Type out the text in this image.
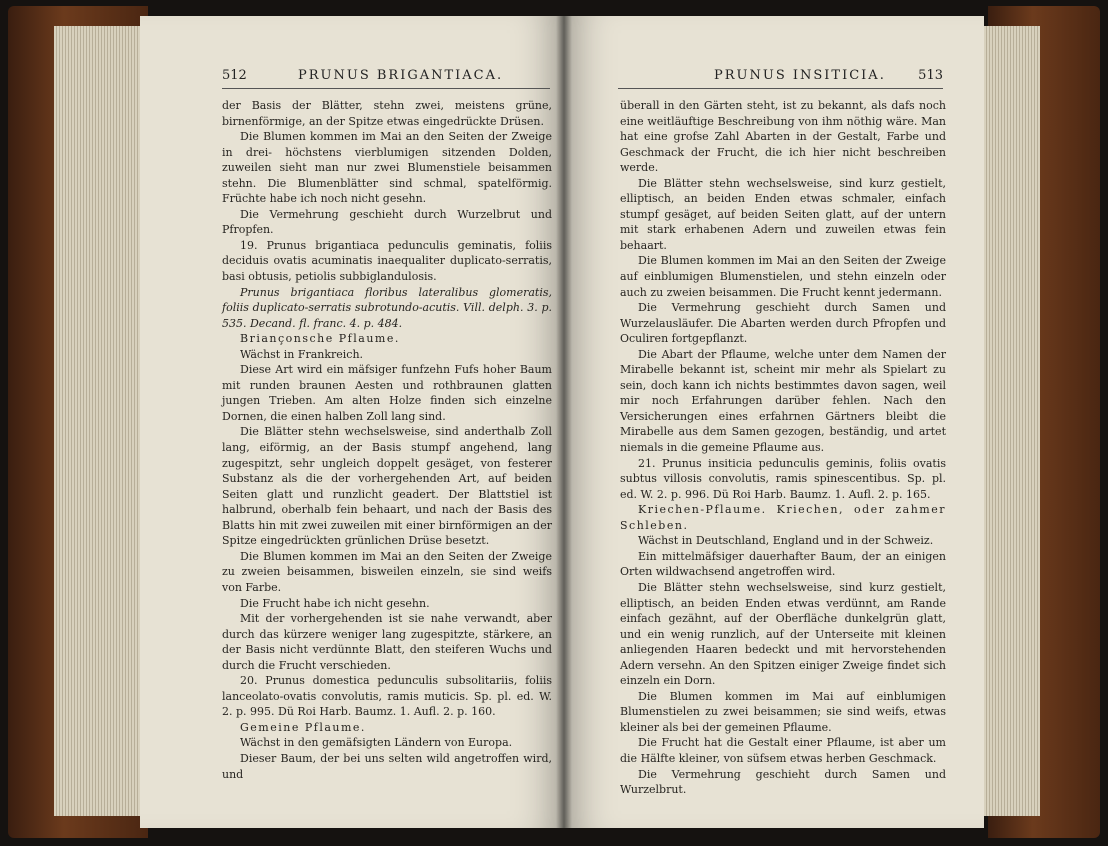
512	PRUNUS BRIGANTIACA.

der Basis der Blätter, stehn zwei, meistens grüne, birnenförmige, an der Spitze etwas eingedrückte Drüsen.

Die Blumen kommen im Mai an den Seiten der Zweige in drei- höchstens vierblumigen sitzenden Dolden, zuweilen sieht man nur zwei Blumenstiele beisammen stehn. Die Blumenblätter sind schmal, spatelförmig. Früchte habe ich noch nicht gesehn.

Die Vermehrung geschieht durch Wurzelbrut und Pfropfen.

19. Prunus brigantiaca pedunculis geminatis, foliis deciduis ovatis acuminatis inaequaliter duplicato-serratis, basi obtusis, petiolis subbiglandulosis.

Prunus brigantiaca floribus lateralibus glomeratis, foliis duplicato-serratis subrotundo-acutis. Vill. delph. 3. p. 535. Decand. fl. franc. 4. p. 484.

Briançonsche Pflaume.

Wächst in Frankreich.

Diese Art wird ein mäfsiger funfzehn Fufs hoher Baum mit runden braunen Aesten und rothbraunen glatten jungen Trieben. Am alten Holze finden sich einzelne Dornen, die einen halben Zoll lang sind.

Die Blätter stehn wechselsweise, sind anderthalb Zoll lang, eiförmig, an der Basis stumpf angehend, lang zugespitzt, sehr ungleich doppelt gesäget, von festerer Substanz als die der vorhergehenden Art, auf beiden Seiten glatt und runzlicht geadert. Der Blattstiel ist halbrund, oberhalb fein behaart, und nach der Basis des Blatts hin mit zwei zuweilen mit einer birnförmigen an der Spitze eingedrückten grünlichen Drüse besetzt.

Die Blumen kommen im Mai an den Seiten der Zweige zu zweien beisammen, bisweilen einzeln, sie sind weifs von Farbe.

Die Frucht habe ich nicht gesehn.

Mit der vorhergehenden ist sie nahe verwandt, aber durch das kürzere weniger lang zugespitzte, stärkere, an der Basis nicht verdünnte Blatt, den steiferen Wuchs und durch die Frucht verschieden.

20. Prunus domestica pedunculis subsolitariis, foliis lanceolato-ovatis convolutis, ramis muticis. Sp. pl. ed. W. 2. p. 995. Dü Roi Harb. Baumz. 1. Aufl. 2. p. 160.

Gemeine Pflaume.

Wächst in den gemäfsigten Ländern von Europa.

Dieser Baum, der bei uns selten wild angetroffen wird, und

PRUNUS INSITICIA. 513

überall in den Gärten steht, ist zu bekannt, als dafs noch eine weitläuftige Beschreibung von ihm nöthig wäre. Man hat eine grofse Zahl Abarten in der Gestalt, Farbe und Geschmack der Frucht, die ich hier nicht beschreiben werde.

Die Blätter stehn wechselsweise, sind kurz gestielt, elliptisch, an beiden Enden etwas schmaler, einfach stumpf gesäget, auf beiden Seiten glatt, auf der untern mit stark erhabenen Adern und zuweilen etwas fein behaart.

Die Blumen kommen im Mai an den Seiten der Zweige auf einblumigen Blumenstielen, und stehn einzeln oder auch zu zweien beisammen. Die Frucht kennt jedermann.

Die Vermehrung geschieht durch Samen und Wurzelausläufer. Die Abarten werden durch Pfropfen und Oculiren fortgepflanzt.

Die Abart der Pflaume, welche unter dem Namen der Mirabelle bekannt ist, scheint mir mehr als Spielart zu sein, doch kann ich nichts bestimmtes davon sagen, weil mir noch Erfahrungen darüber fehlen. Nach den Versicherungen eines erfahrnen Gärtners bleibt die Mirabelle aus dem Samen gezogen, beständig, und artet niemals in die gemeine Pflaume aus.

21. Prunus insiticia pedunculis geminis, foliis ovatis subtus villosis convolutis, ramis spinescentibus. Sp. pl. ed. W. 2. p. 996. Dü Roi Harb. Baumz. 1. Aufl. 2. p. 165.

Kriechen-Pflaume. Kriechen, oder zahmer Schleben.

Wächst in Deutschland, England und in der Schweiz.

Ein mittelmäfsiger dauerhafter Baum, der an einigen Orten wildwachsend angetroffen wird.

Die Blätter stehn wechselsweise, sind kurz gestielt, elliptisch, an beiden Enden etwas verdünnt, am Rande einfach gezähnt, auf der Oberfläche dunkelgrün glatt, und ein wenig runzlich, auf der Unterseite mit kleinen anliegenden Haaren bedeckt und mit hervorstehenden Adern versehn. An den Spitzen einiger Zweige findet sich einzeln ein Dorn.

Die Blumen kommen im Mai auf einblumigen Blumenstielen zu zwei beisammen; sie sind weifs, etwas kleiner als bei der gemeinen Pflaume.

Die Frucht hat die Gestalt einer Pflaume, ist aber um die Hälfte kleiner, von süfsem etwas herben Geschmack.

Die Vermehrung geschieht durch Samen und Wurzelbrut.
